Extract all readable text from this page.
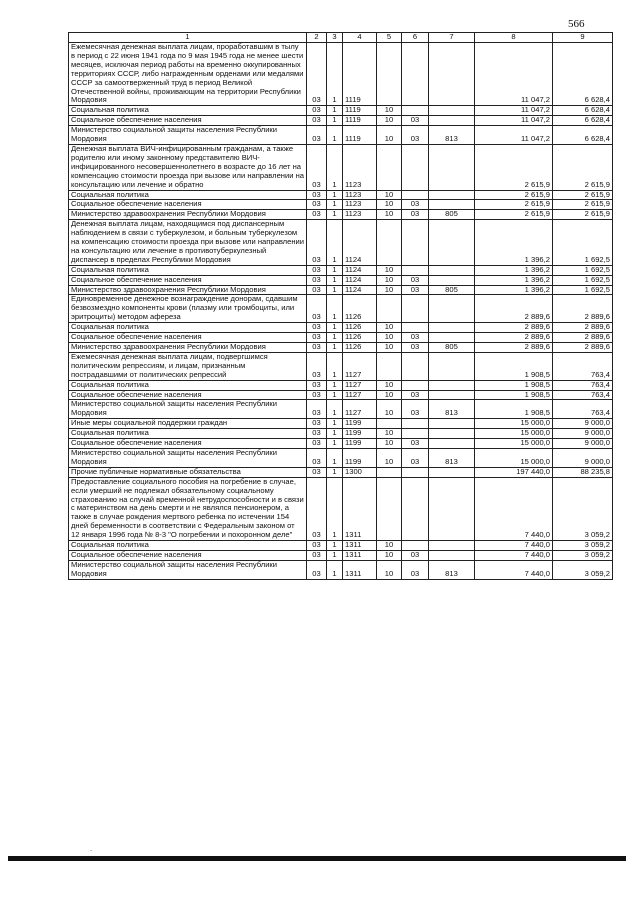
566
1	2	3	4	5	6	7	8	9
Ежемесячная денежная выплата лицам, проработавшим в тылу в период с 22 июня 1941 года по 9 мая 1945 года не менее шести месяцев, исключая период работы на временно оккупированных территориях СССР, либо награжденным орденами или медалями СССР за самоотверженный труд в период Великой Отечественной войны, проживающим на территории Республики Мордовия	03	1	1119				11 047,2	6 628,4
Социальная политика	03	1	1119	10			11 047,2	6 628,4
Социальное обеспечение населения	03	1	1119	10	03		11 047,2	6 628,4
Министерство социальной защиты населения Республики Мордовия	03	1	1119	10	03	813	11 047,2	6 628,4
Денежная выплата ВИЧ-инфицированным гражданам, а также родителю или иному законному представителю ВИЧ-инфицированного несовершеннолетнего в возрасте до 16 лет на компенсацию стоимости проезда при вызове или направлении на консультацию или лечение и обратно	03	1	1123				2 615,9	2 615,9
Социальная политика	03	1	1123	10			2 615,9	2 615,9
Социальное обеспечение населения	03	1	1123	10	03		2 615,9	2 615,9
Министерство здравоохранения Республики Мордовия	03	1	1123	10	03	805	2 615,9	2 615,9
Денежная выплата лицам, находящимся под диспансерным наблюдением в связи с туберкулезом, и больным туберкулезом на компенсацию стоимости проезда при вызове или направлении на консультацию или лечение в противотуберкулезный диспансер в пределах Республики Мордовия	03	1	1124				1 396,2	1 692,5
Социальная политика	03	1	1124	10			1 396,2	1 692,5
Социальное обеспечение населения	03	1	1124	10	03		1 396,2	1 692,5
Министерство здравоохранения Республики Мордовия	03	1	1124	10	03	805	1 396,2	1 692,5
Единовременное денежное вознаграждение донорам, сдавшим безвозмездно компоненты крови (плазму или тромбоциты, или эритроциты) методом афереза	03	1	1126				2 889,6	2 889,6
Социальная политика	03	1	1126	10			2 889,6	2 889,6
Социальное обеспечение населения	03	1	1126	10	03		2 889,6	2 889,6
Министерство здравоохранения Республики Мордовия	03	1	1126	10	03	805	2 889,6	2 889,6
Ежемесячная денежная выплата лицам, подвергшимся политическим репрессиям, и лицам, признанным пострадавшими от политических репрессий	03	1	1127				1 908,5	763,4
Социальная политика	03	1	1127	10			1 908,5	763,4
Социальное обеспечение населения	03	1	1127	10	03		1 908,5	763,4
Министерство социальной защиты населения Республики Мордовия	03	1	1127	10	03	813	1 908,5	763,4
Иные меры социальной поддержки граждан	03	1	1199				15 000,0	9 000,0
Социальная политика	03	1	1199	10			15 000,0	9 000,0
Социальное обеспечение населения	03	1	1199	10	03		15 000,0	9 000,0
Министерство социальной защиты населения Республики Мордовия	03	1	1199	10	03	813	15 000,0	9 000,0
Прочие публичные нормативные обязательства	03	1	1300				197 440,0	88 235,8
Предоставление социального пособия на погребение в случае, если умерший не подлежал обязательному социальному страхованию на случай временной нетрудоспособности и в связи с материнством на день смерти и не являлся пенсионером, а также в случае рождения мертвого ребенка по истечении 154 дней беременности в соответствии с Федеральным законом от 12 января 1996 года № 8-3 "О погребении и похоронном деле"	03	1	1311				7 440,0	3 059,2
Социальная политика	03	1	1311	10			7 440,0	3 059,2
Социальное обеспечение населения	03	1	1311	10	03		7 440,0	3 059,2
Министерство социальной защиты населения Республики Мордовия	03	1	1311	10	03	813	7 440,0	3 059,2
.
